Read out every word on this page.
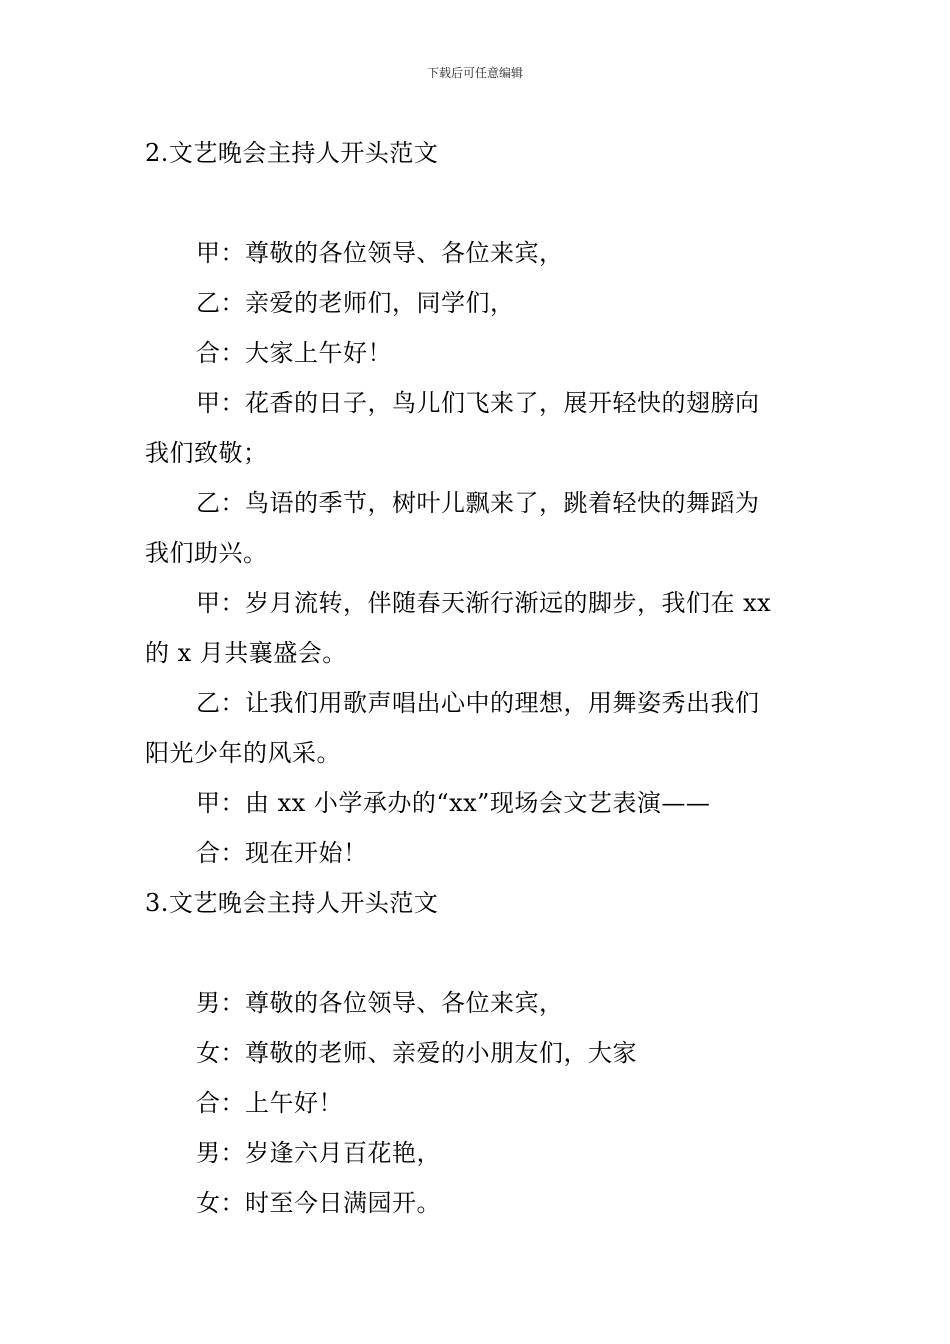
下载后可任意编辑
2.文艺晚会主持人开头范文
甲：尊敬的各位领导、各位来宾，
乙：亲爱的老师们，同学们，
合：大家上午好！
甲：花香的日子，鸟儿们飞来了，展开轻快的翅膀向
我们致敬；
乙：鸟语的季节，树叶儿飘来了，跳着轻快的舞蹈为
我们助兴。
甲：岁月流转，伴随春天渐行渐远的脚步，我们在 xx
的 x 月共襄盛会。
乙：让我们用歌声唱出心中的理想，用舞姿秀出我们
阳光少年的风采。
甲：由 xx 小学承办的“xx”现场会文艺表演——
合：现在开始！
3.文艺晚会主持人开头范文
男：尊敬的各位领导、各位来宾，
女：尊敬的老师、亲爱的小朋友们，大家
合：上午好！
男：岁逢六月百花艳，
女：时至今日满园开。
